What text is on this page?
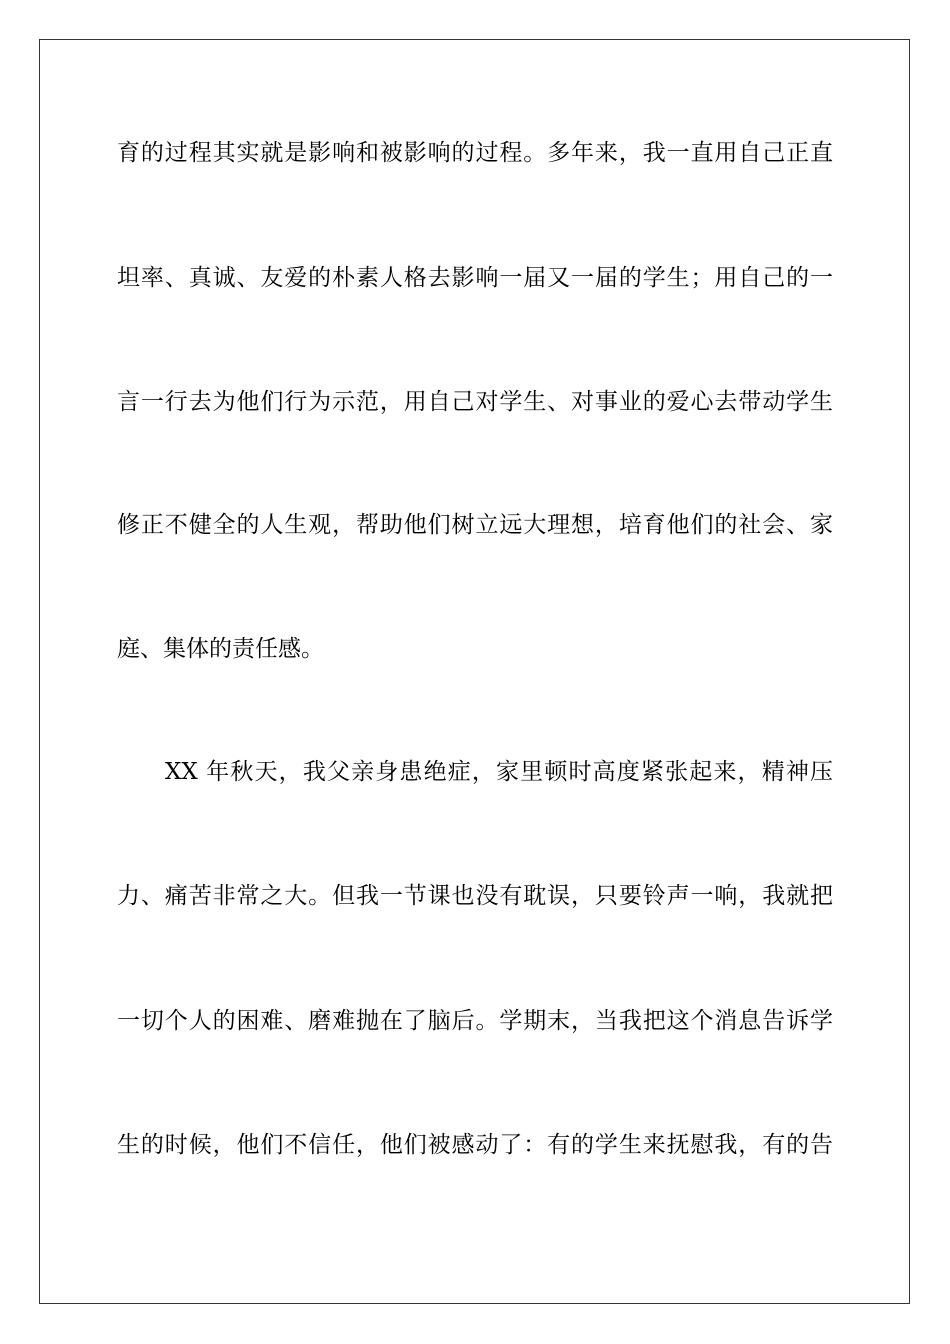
育的过程其实就是影响和被影响的过程。多年来，我一直用自己正直
坦率、真诚、友爱的朴素人格去影响一届又一届的学生；用自己的一
言一行去为他们行为示范，用自己对学生、对事业的爱心去带动学生
修正不健全的人生观，帮助他们树立远大理想，培育他们的社会、家
庭、集体的责任感。
XX 年秋天，我父亲身患绝症，家里顿时高度紧张起来，精神压
力、痛苦非常之大。但我一节课也没有耽误，只要铃声一响，我就把
一切个人的困难、磨难抛在了脑后。学期末，当我把这个消息告诉学
生的时候，他们不信任，他们被感动了：有的学生来抚慰我，有的告
